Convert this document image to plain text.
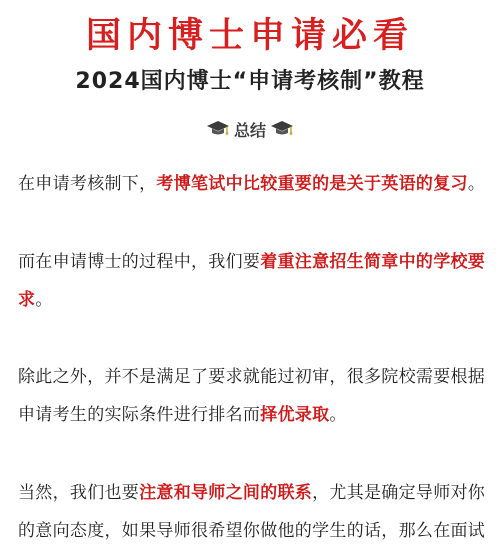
国内博士申请必看
2024国内博士“申请考核制”教程
总结

在申请考核制下，考博笔试中比较重要的是关于英语的复习。

而在申请博士的过程中，我们要着重注意招生简章中的学校要求。

除此之外，并不是满足了要求就能过初审，很多院校需要根据申请考生的实际条件进行排名而择优录取。

当然，我们也要注意和导师之间的联系，尤其是确定导师对你的意向态度，如果导师很希望你做他的学生的话，那么在面试
